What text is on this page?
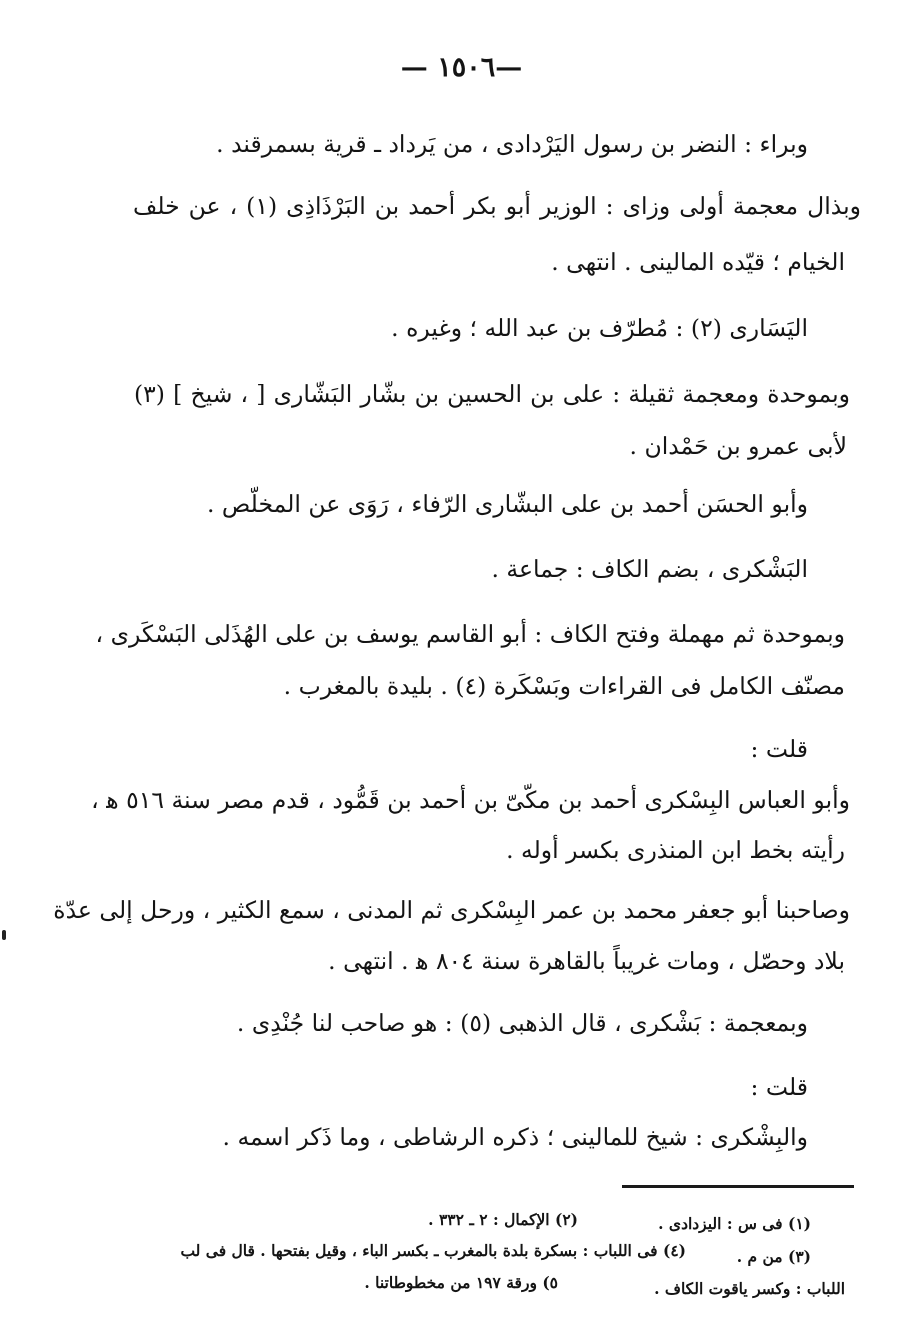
—١٥٠٦ —
وبراء : النضر بن رسول اليَرْدادى ، من يَرداد ـ قرية بسمرقند .
وبذال معجمة أولى وزاى : الوزير أبو بكر أحمد بن البَرْذَاذِى (١) ، عن خلف
الخيام ؛ قيّده المالينى . انتهى .
اليَسَارى (٢) : مُطرّف بن عبد الله ؛ وغيره .
وبموحدة ومعجمة ثقيلة : على بن الحسين بن بشّار البَشّارى [ ، شيخ ] (٣)
لأبى عمرو بن حَمْدان .
وأبو الحسَن أحمد بن على البشّارى الرّفاء ، رَوَى عن المخلّص .
البَشْكرى ، بضم الكاف : جماعة .
وبموحدة ثم مهملة وفتح الكاف : أبو القاسم يوسف بن على الهُذَلى البَسْكَرى ،
مصنّف الكامل فى القراءات وبَسْكَرة (٤) . بليدة بالمغرب .
قلت :
وأبو العباس البِسْكرى أحمد بن مكّىّ بن أحمد بن قَمُّود ، قدم مصر سنة ٥١٦ ﻫ ،
رأيته بخط ابن المنذرى بكسر أوله .
وصاحبنا أبو جعفر محمد بن عمر البِسْكرى ثم المدنى ، سمع الكثير ، ورحل إلى عدّة
بلاد وحصّل ، ومات غريباً بالقاهرة سنة ٨٠٤ ﻫ . انتهى .
وبمعجمة : بَشْكرى ، قال الذهبى (٥) : هو صاحب لنا جُنْدِى .
قلت :
والبِشْكرى : شيخ للمالينى ؛ ذكره الرشاطى ، وما ذَكر اسمه .
(١) فى س : اليزدادى .
(٢) الإكمال : ٢ ـ ٣٣٢ .
(٣) من م .
(٤) فى اللباب : بسكرة بلدة بالمغرب ـ بكسر الباء ، وقيل بفتحها . قال فى لب
اللباب : وكسر ياقوت الكاف .
٥) ورقة ١٩٧ من مخطوطاتنا .
